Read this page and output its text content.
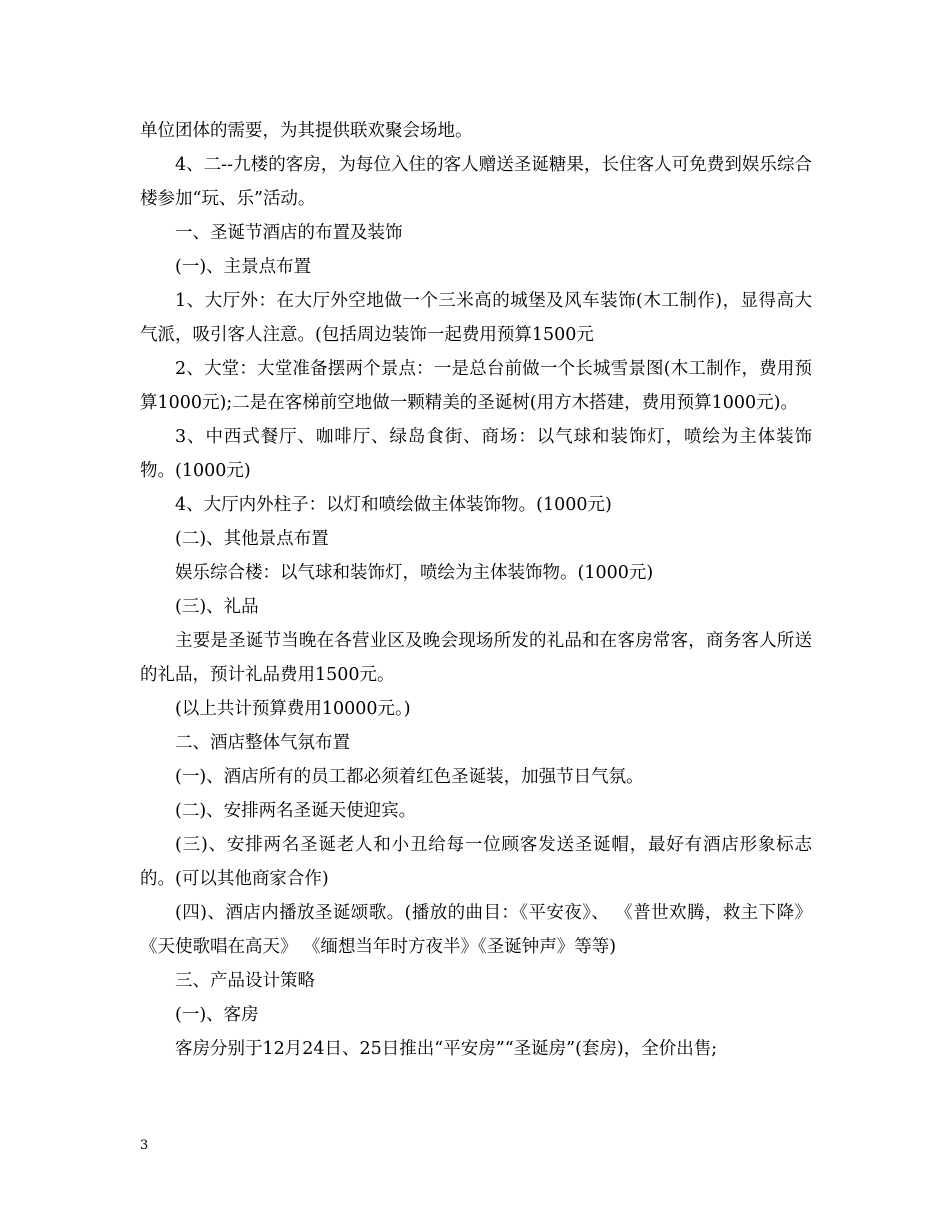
单位团体的需要，为其提供联欢聚会场地。

4、二--九楼的客房，为每位入住的客人赠送圣诞糖果，长住客人可免费到娱乐综合楼参加“玩、乐”活动。

一、圣诞节酒店的布置及装饰

(一)、主景点布置

1、大厅外：在大厅外空地做一个三米高的城堡及风车装饰(木工制作)，显得高大气派，吸引客人注意。(包括周边装饰一起费用预算1500元

2、大堂：大堂准备摆两个景点：一是总台前做一个长城雪景图(木工制作，费用预算1000元);二是在客梯前空地做一颗精美的圣诞树(用方木搭建，费用预算1000元)。

3、中西式餐厅、咖啡厅、绿岛食街、商场：以气球和装饰灯，喷绘为主体装饰物。(1000元)

4、大厅内外柱子：以灯和喷绘做主体装饰物。(1000元)

(二)、其他景点布置

娱乐综合楼：以气球和装饰灯，喷绘为主体装饰物。(1000元)

(三)、礼品

主要是圣诞节当晚在各营业区及晚会现场所发的礼品和在客房常客，商务客人所送的礼品，预计礼品费用1500元。

(以上共计预算费用10000元。)

二、酒店整体气氛布置

(一)、酒店所有的员工都必须着红色圣诞装，加强节日气氛。

(二)、安排两名圣诞天使迎宾。

(三)、安排两名圣诞老人和小丑给每一位顾客发送圣诞帽，最好有酒店形象标志的。(可以其他商家合作)

(四)、酒店内播放圣诞颂歌。(播放的曲目：《平安夜》、 《普世欢腾，救主下降》 《天使歌唱在高天》 《缅想当年时方夜半》《圣诞钟声》等等)

三、产品设计策略

(一)、客房

客房分别于12月24日、25日推出“平安房”“圣诞房”(套房)，全价出售;

3
